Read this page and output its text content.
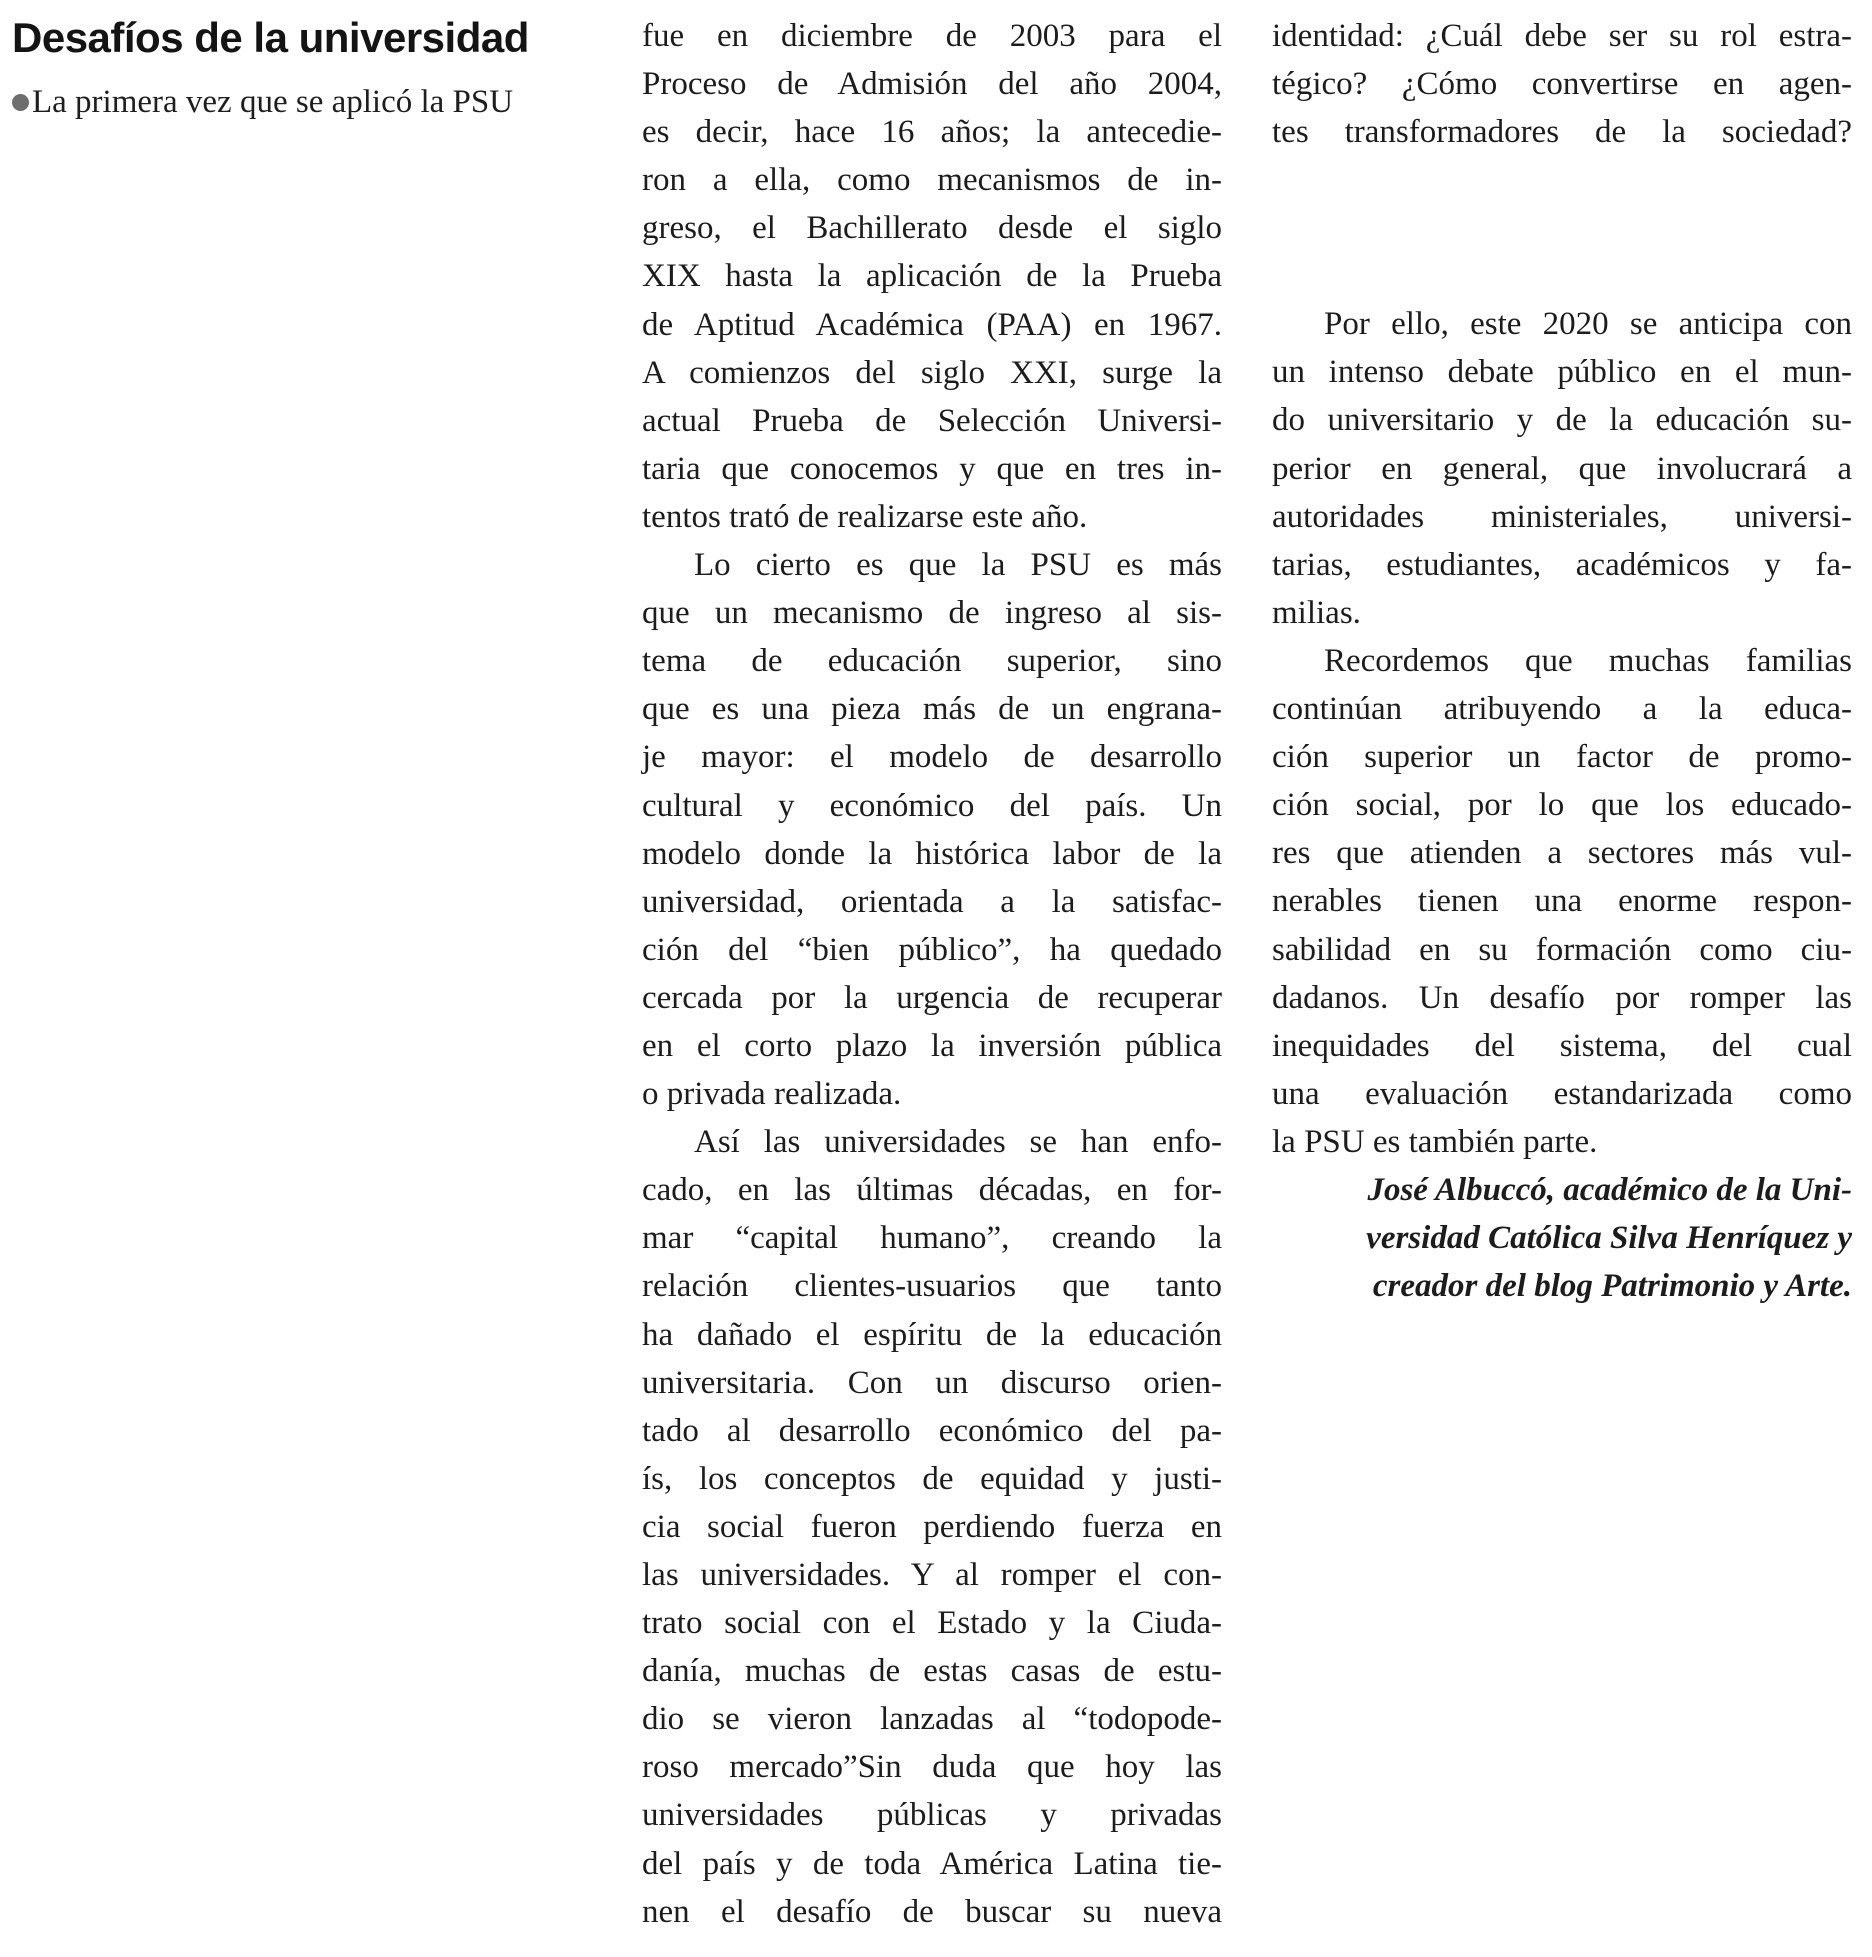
Desafíos de la universidad

La primera vez que se aplicó la PSU

fue en diciembre de 2003 para el
Proceso de Admisión del año 2004,
es decir, hace 16 años; la antecedie-
ron a ella, como mecanismos de in-
greso, el Bachillerato desde el siglo
XIX hasta la aplicación de la Prueba
de Aptitud Académica (PAA) en 1967.
A comienzos del siglo XXI, surge la
actual Prueba de Selección Universi-
taria que conocemos y que en tres in-
tentos trató de realizarse este año.
Lo cierto es que la PSU es más
que un mecanismo de ingreso al sis-
tema de educación superior, sino
que es una pieza más de un engrana-
je mayor: el modelo de desarrollo
cultural y económico del país. Un
modelo donde la histórica labor de la
universidad, orientada a la satisfac-
ción del “bien público”, ha quedado
cercada por la urgencia de recuperar
en el corto plazo la inversión pública
o privada realizada.
Así las universidades se han enfo-
cado, en las últimas décadas, en for-
mar “capital humano”, creando la
relación clientes-usuarios que tanto
ha dañado el espíritu de la educación
universitaria. Con un discurso orien-
tado al desarrollo económico del pa-
ís, los conceptos de equidad y justi-
cia social fueron perdiendo fuerza en
las universidades. Y al romper el con-
trato social con el Estado y la Ciuda-
danía, muchas de estas casas de estu-
dio se vieron lanzadas al “todopode-
roso mercado”Sin duda que hoy las
universidades públicas y privadas
del país y de toda América Latina tie-
nen el desafío de buscar su nueva
identidad: ¿Cuál debe ser su rol estra-
tégico? ¿Cómo convertirse en agen-
tes transformadores de la sociedad?
Por ello, este 2020 se anticipa con
un intenso debate público en el mun-
do universitario y de la educación su-
perior en general, que involucrará a
autoridades ministeriales, universi-
tarias, estudiantes, académicos y fa-
milias.
Recordemos que muchas familias
continúan atribuyendo a la educa-
ción superior un factor de promo-
ción social, por lo que los educado-
res que atienden a sectores más vul-
nerables tienen una enorme respon-
sabilidad en su formación como ciu-
dadanos. Un desafío por romper las
inequidades del sistema, del cual
una evaluación estandarizada como
la PSU es también parte.
José Albuccó, académico de la Uni-
versidad Católica Silva Henríquez y
creador del blog Patrimonio y Arte.
